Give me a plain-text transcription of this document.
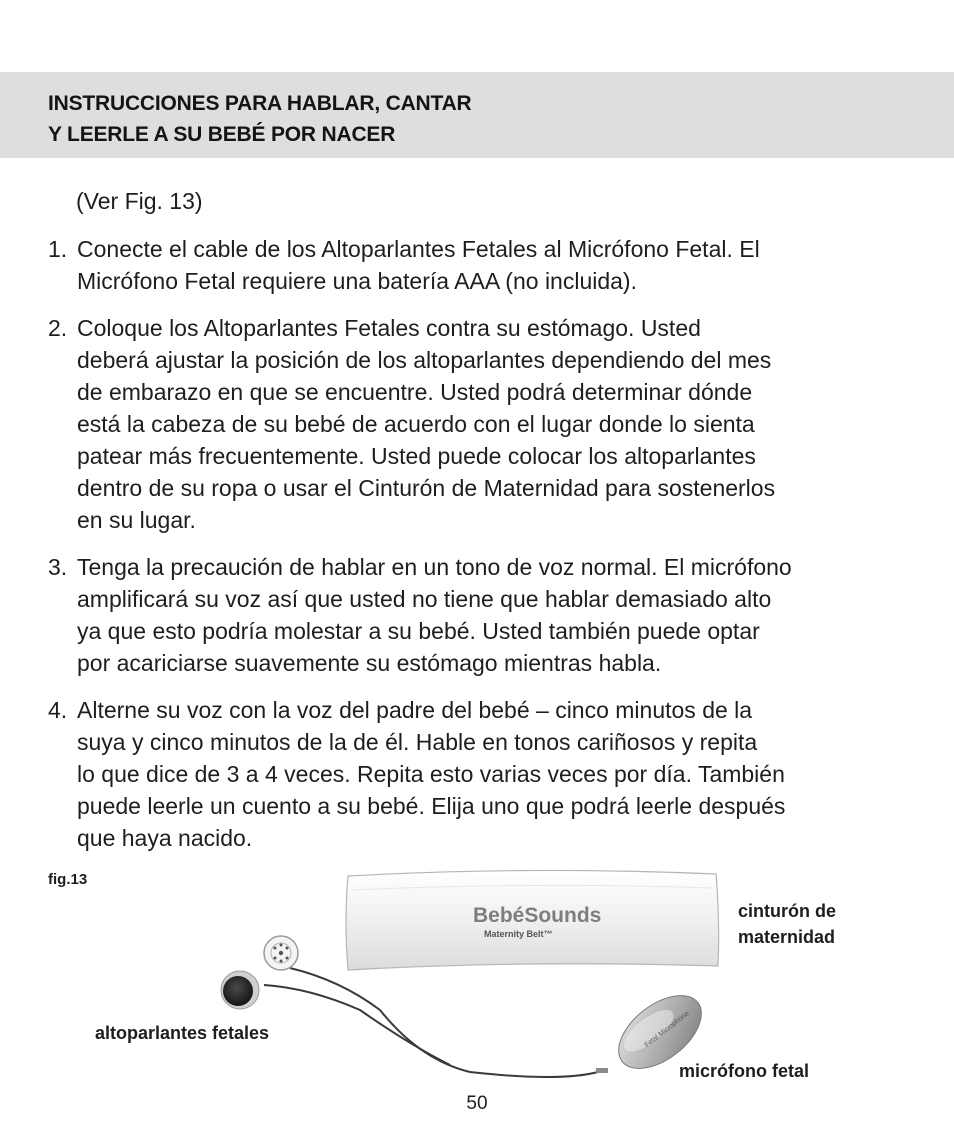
INSTRUCCIONES PARA HABLAR, CANTAR
Y LEERLE A SU BEBÉ POR NACER
(Ver Fig. 13)
1. Conecte el cable de los Altoparlantes Fetales al Micrófono Fetal. El
Micrófono Fetal requiere una batería AAA (no incluida).
2. Coloque los Altoparlantes Fetales contra su estómago. Usted
deberá ajustar la posición de los altoparlantes dependiendo del mes
de embarazo en que se encuentre. Usted podrá determinar dónde
está la cabeza de su bebé de acuerdo con el lugar donde lo sienta
patear más frecuentemente. Usted puede colocar los altoparlantes
dentro de su ropa o usar el Cinturón de Maternidad para sostenerlos
en su lugar.
3. Tenga la precaución de hablar en un tono de voz normal. El micrófono
amplificará su voz así que usted no tiene que hablar demasiado alto
ya que esto podría molestar a su bebé. Usted también puede optar
por acariciarse suavemente su estómago mientras habla.
4. Alterne su voz con la voz del padre del bebé – cinco minutos de la
suya y cinco minutos de la de él. Hable en tonos cariñosos y repita
lo que dice de 3 a 4 veces. Repita esto varias veces por día. También
puede leerle un cuento a su bebé. Elija uno que podrá leerle después
que haya nacido.
fig.13
BebéSounds
Maternity Belt™
Fetal Microphone
cinturón de
maternidad
altoparlantes fetales
micrófono fetal
50
